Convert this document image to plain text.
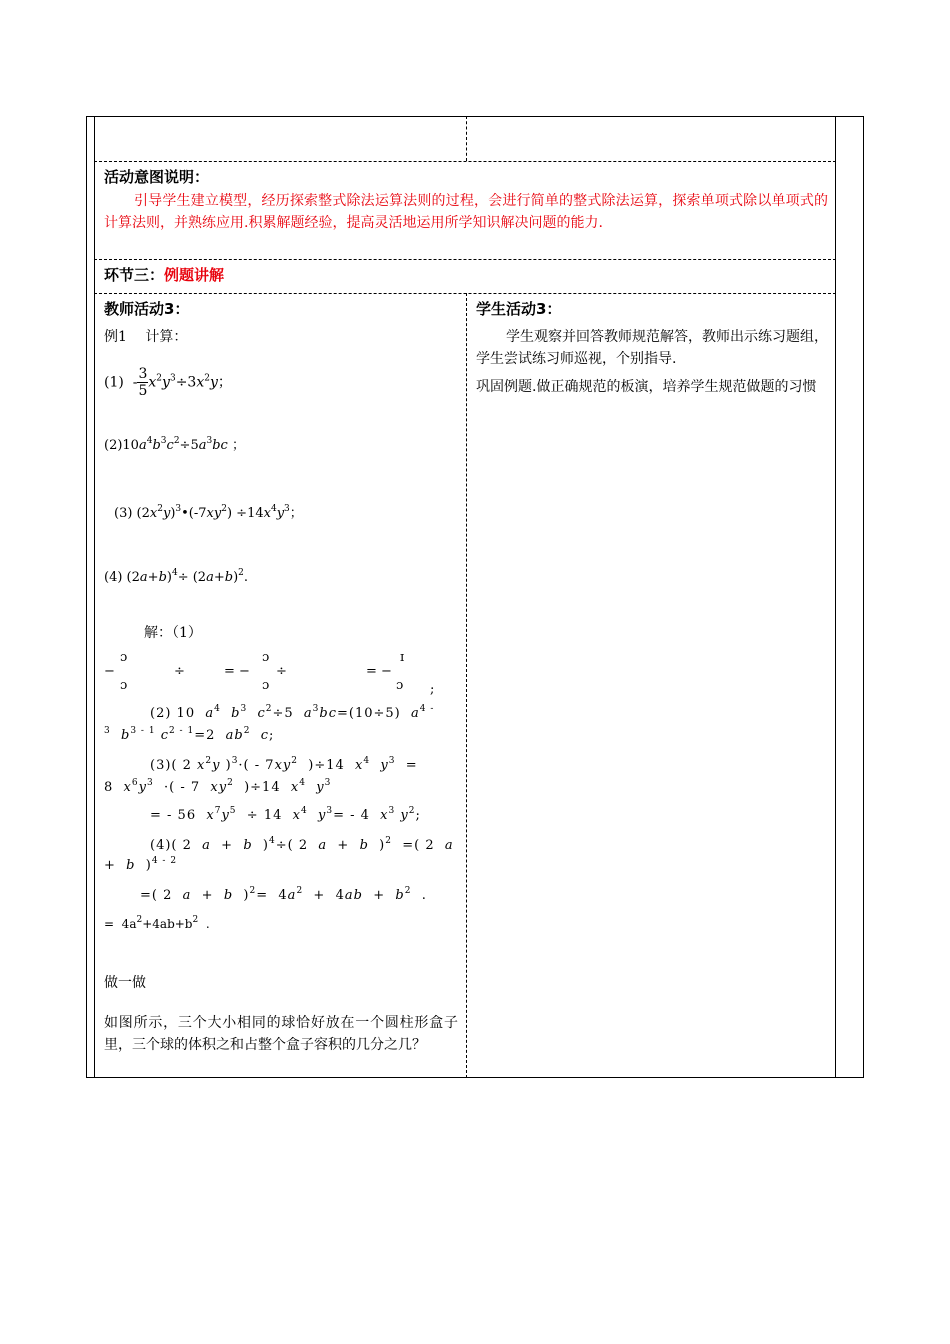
活动意图说明：
引导学生建立模型，经历探索整式除法运算法则的过程，会进行简单的整式除法运算，探索单项式除以单项式的计算法则，并熟练应用.积累解题经验，提高灵活地运用所学知识解决问题的能力.
环节三：例题讲解
教师活动3：	学生活动3：
学生观察并回答教师规范解答，教师出示练习题组，学生尝试练习师巡视，个别指导.
巩固例题.做正确规范的板演，培养学生规范做题的习惯
例1　 计算：
$(1) - \frac{3}{5} x^2y^3\div 3x^2y$；
$(2)10a^4b^3c^2\div 5a^3bc$ ；
(3) $(2x^2y)^3•(-7xy^2) \div 14x^4y^3$；
(4) $(2a+b)^4\div (2a+b)^2$.
解：（1）
ɔ
−
ɔ
÷
ɔ
= −
ɔ
÷
ɪ
= −
ɔ ;
(2) 10  $a^4$ $b^3$ $c^2\div 5$  $a^3bc=(10\div 5)$  $a^{4 -}$
$^3$ $b^{3 - 1}$ $c^{2 - 1}=2$  $ab^2$ c;
(3)( 2 $x^2y$ )$^3\cdot( - 7xy^2$  )÷14  $x^4$ $y^3$  =
8  $x^6y^3$  ·( - 7  $xy^2$  )÷14  $x^4$ $y^3$
= - 56  $x^7y^5 \div 14$  $x^4$ $y^3= - 4$  $x^3$ $y^2$;
(4)( 2  a  +  b  )$^4$÷( 2  a  +  b  )$^2$  =( 2  a
+  b  )$^{4 - 2}$
=( 2  a  +  b  )$^2= 4a^2 + 4ab + b^2$  .
=  $4a^2+4ab+b^2$  .
做一做
如图所示，三个大小相同的球恰好放在一个圆柱形盒子里，三个球的体积之和占整个盒子容积的几分之几？
